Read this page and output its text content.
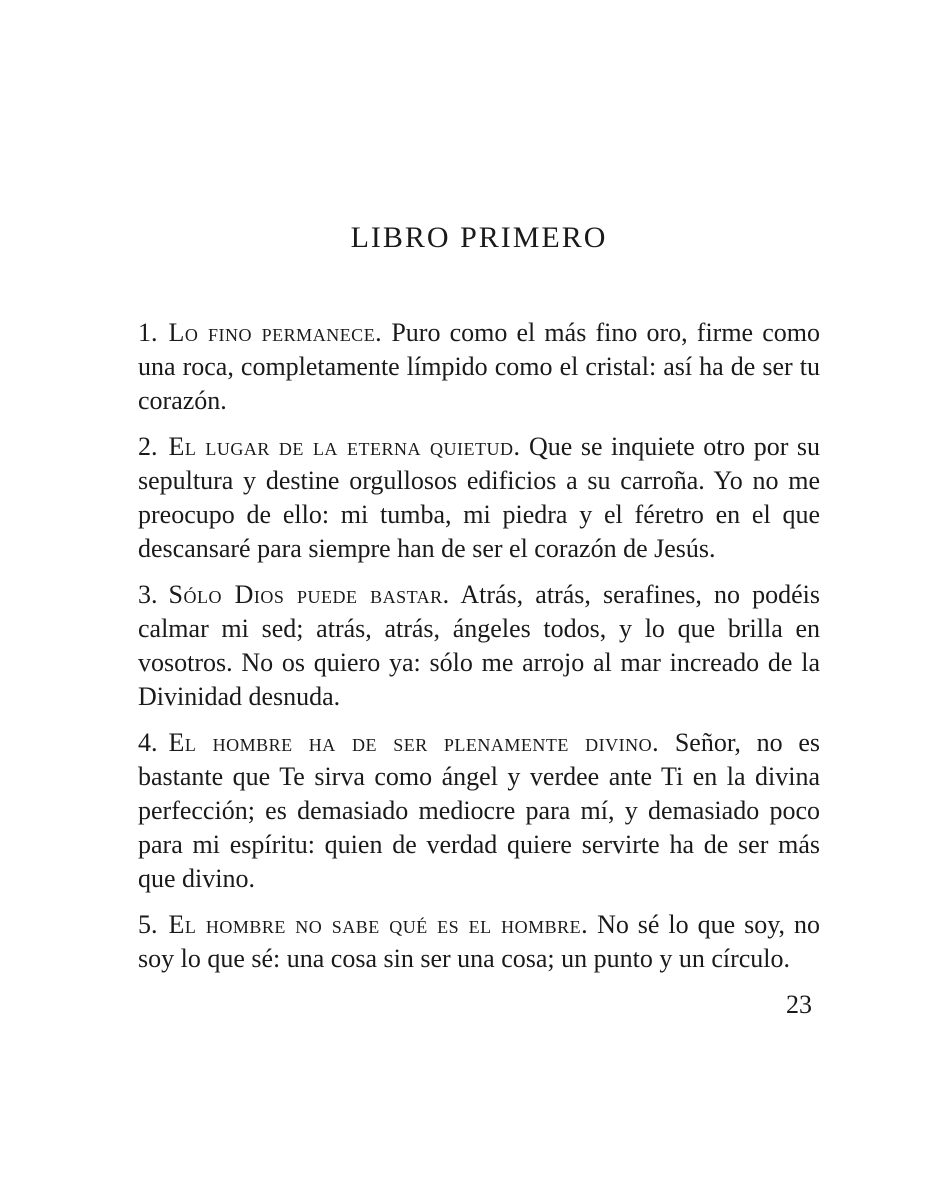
LIBRO PRIMERO

1. Lo fino permanece. Puro como el más fino oro, firme como una roca, completamente límpido como el cristal: así ha de ser tu corazón.

2. El lugar de la eterna quietud. Que se inquiete otro por su sepultura y destine orgullosos edificios a su carroña. Yo no me preocupo de ello: mi tumba, mi piedra y el féretro en el que descansaré para siempre han de ser el corazón de Jesús.

3. Sólo Dios puede bastar. Atrás, atrás, serafines, no podéis calmar mi sed; atrás, atrás, ángeles todos, y lo que brilla en vosotros. No os quiero ya: sólo me arrojo al mar increado de la Divinidad desnuda.

4. El hombre ha de ser plenamente divino. Señor, no es bastante que Te sirva como ángel y verdee ante Ti en la divina perfección; es demasiado mediocre para mí, y demasiado poco para mi espíritu: quien de verdad quiere servirte ha de ser más que divino.

5. El hombre no sabe qué es el hombre. No sé lo que soy, no soy lo que sé: una cosa sin ser una cosa; un punto y un círculo.

23
